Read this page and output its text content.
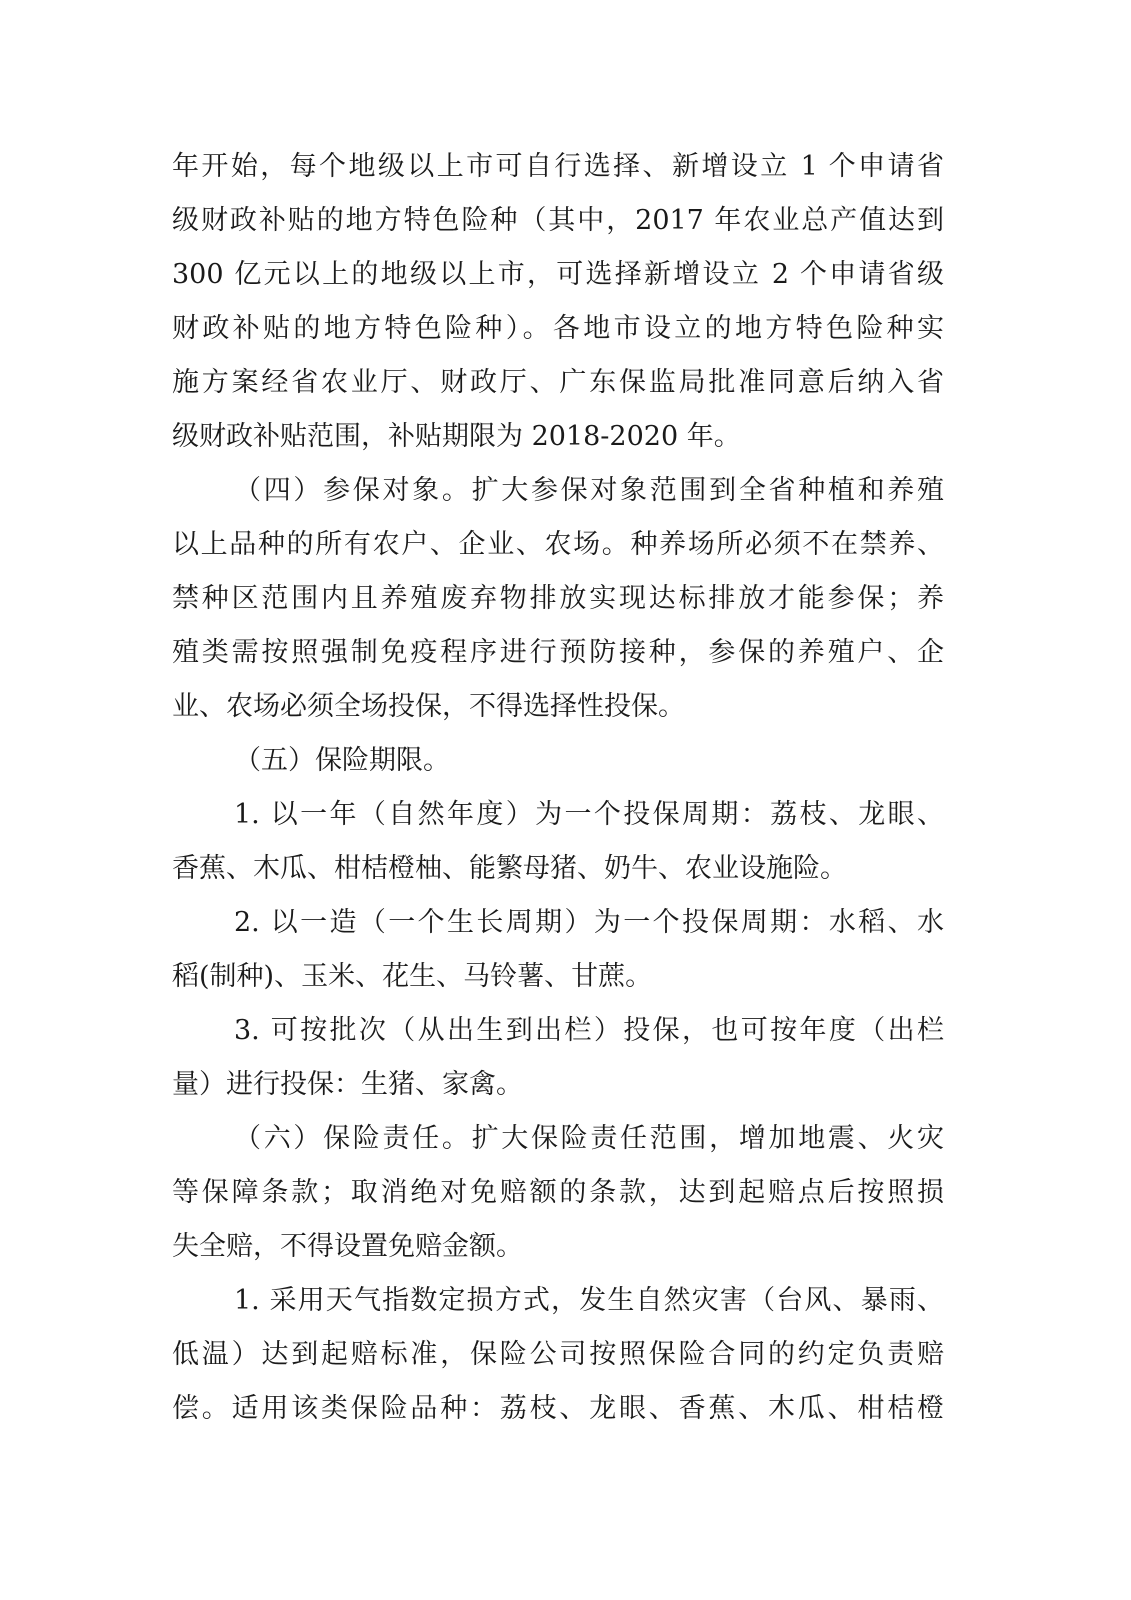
年开始，每个地级以上市可自行选择、新增设立 1 个申请省
级财政补贴的地方特色险种（其中，2017 年农业总产值达到
300 亿元以上的地级以上市，可选择新增设立 2 个申请省级
财政补贴的地方特色险种）。各地市设立的地方特色险种实
施方案经省农业厅、财政厅、广东保监局批准同意后纳入省
级财政补贴范围，补贴期限为 2018-2020 年。
（四）参保对象。扩大参保对象范围到全省种植和养殖
以上品种的所有农户、企业、农场。种养场所必须不在禁养、
禁种区范围内且养殖废弃物排放实现达标排放才能参保；养
殖类需按照强制免疫程序进行预防接种，参保的养殖户、企
业、农场必须全场投保，不得选择性投保。
（五）保险期限。
1. 以一年（自然年度）为一个投保周期：荔枝、龙眼、
香蕉、木瓜、柑桔橙柚、能繁母猪、奶牛、农业设施险。
2. 以一造（一个生长周期）为一个投保周期：水稻、水
稻(制种)、玉米、花生、马铃薯、甘蔗。
3. 可按批次（从出生到出栏）投保，也可按年度（出栏
量）进行投保：生猪、家禽。
（六）保险责任。扩大保险责任范围，增加地震、火灾
等保障条款；取消绝对免赔额的条款，达到起赔点后按照损
失全赔，不得设置免赔金额。
1. 采用天气指数定损方式，发生自然灾害（台风、暴雨、
低温）达到起赔标准，保险公司按照保险合同的约定负责赔
偿。适用该类保险品种：荔枝、龙眼、香蕉、木瓜、柑桔橙
